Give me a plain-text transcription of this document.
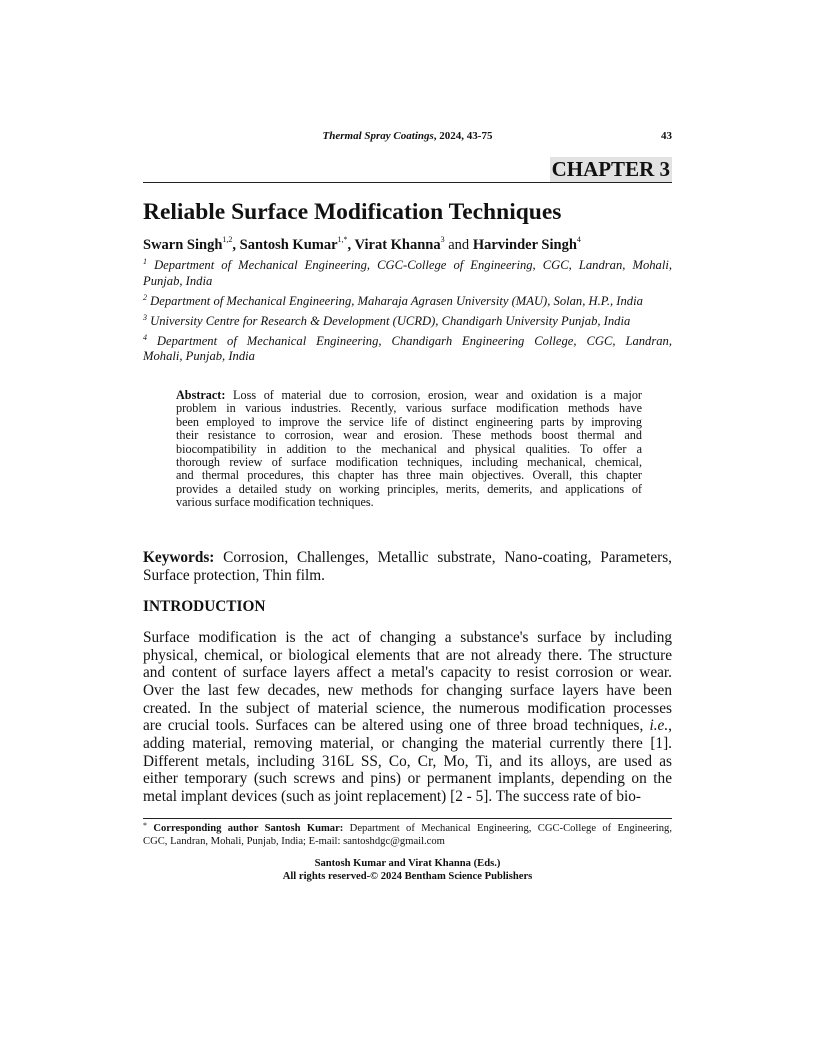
Thermal Spray Coatings, 2024, 43-75	43
CHAPTER 3
Reliable Surface Modification Techniques
Swarn Singh$^{1,2}$, Santosh Kumar$^{1,*}$, Virat Khanna$^3$ and Harvinder Singh$^4$
$^1$ Department of Mechanical Engineering, CGC-College of Engineering, CGC, Landran, Mohali,
Punjab, India
$^2$ Department of Mechanical Engineering, Maharaja Agrasen University (MAU), Solan, H.P., India
$^3$ University Centre for Research & Development (UCRD), Chandigarh University Punjab, India
$^4$ Department of Mechanical Engineering, Chandigarh Engineering College, CGC, Landran,
Mohali, Punjab, India
Abstract: Loss of material due to corrosion, erosion, wear and oxidation is a major
problem in various industries. Recently, various surface modification methods have
been employed to improve the service life of distinct engineering parts by improving
their resistance to corrosion, wear and erosion. These methods boost thermal and
biocompatibility in addition to the mechanical and physical qualities. To offer a
thorough review of surface modification techniques, including mechanical, chemical,
and thermal procedures, this chapter has three main objectives. Overall, this chapter
provides a detailed study on working principles, merits, demerits, and applications of
various surface modification techniques.
Keywords: Corrosion, Challenges, Metallic substrate, Nano-coating, Parameters,
Surface protection, Thin film.
INTRODUCTION
Surface modification is the act of changing a substance's surface by including
physical, chemical, or biological elements that are not already there. The structure
and content of surface layers affect a metal's capacity to resist corrosion or wear.
Over the last few decades, new methods for changing surface layers have been
created. In the subject of material science, the numerous modification processes
are crucial tools. Surfaces can be altered using one of three broad techniques, i.e.,
adding material, removing material, or changing the material currently there [1].
Different metals, including 316L SS, Co, Cr, Mo, Ti, and its alloys, are used as
either temporary (such screws and pins) or permanent implants, depending on the
metal implant devices (such as joint replacement) [2 - 5]. The success rate of bio-
* Corresponding author Santosh Kumar: Department of Mechanical Engineering, CGC-College of Engineering,
CGC, Landran, Mohali, Punjab, India; E-mail: santoshdgc@gmail.com
Santosh Kumar and Virat Khanna (Eds.)
All rights reserved-© 2024 Bentham Science Publishers
